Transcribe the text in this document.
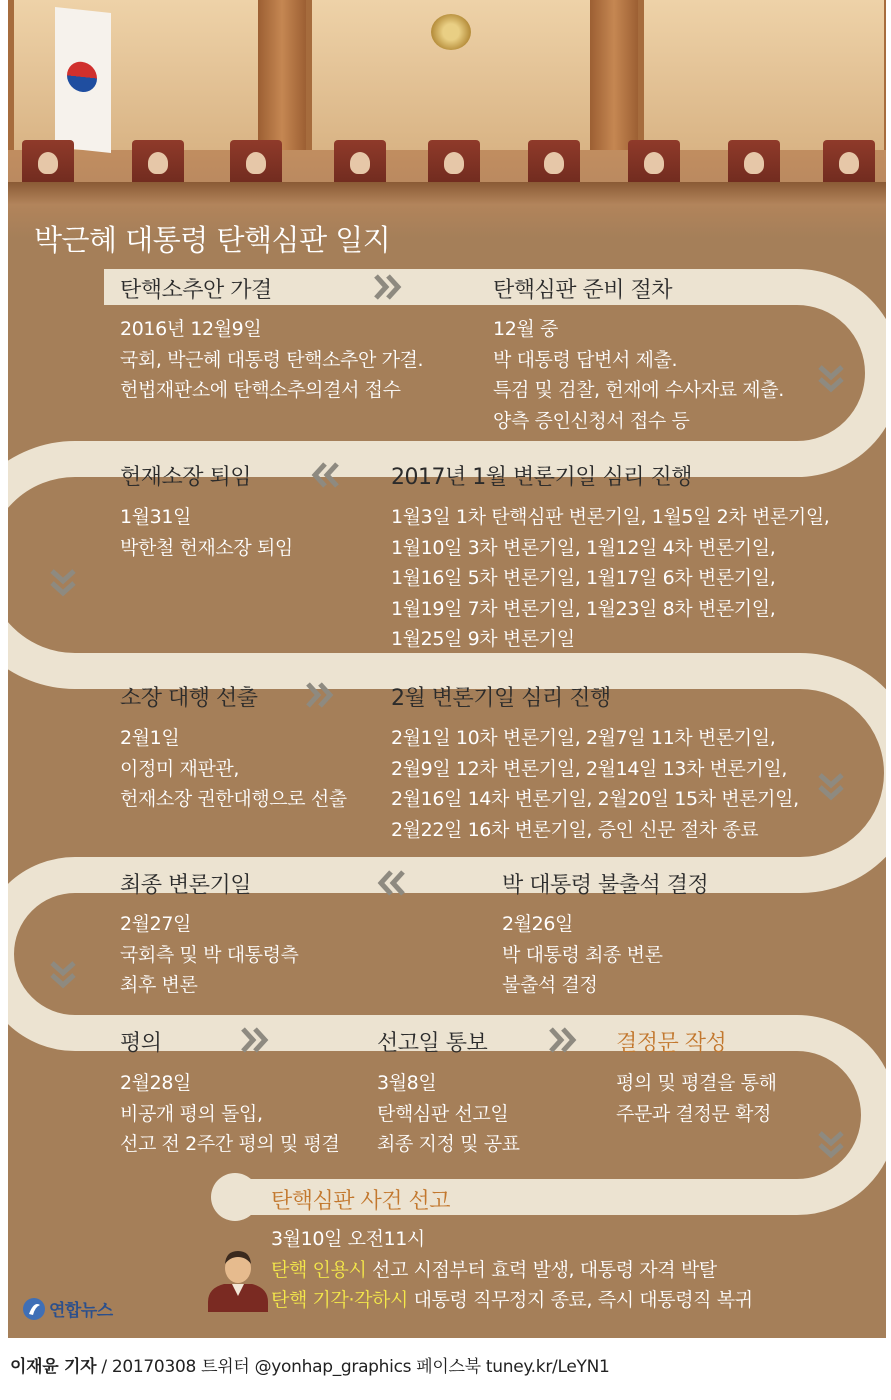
박근혜 대통령 탄핵심판 일지
탄핵소추안 가결
2016년 12월9일
국회, 박근혜 대통령 탄핵소추안 가결.
헌법재판소에 탄핵소추의결서 접수
탄핵심판 준비 절차
12월 중
박 대통령 답변서 제출.
특검 및 검찰, 헌재에 수사자료 제출.
양측 증인신청서 접수 등
헌재소장 퇴임
1월31일
박한철 헌재소장 퇴임
2017년 1월 변론기일 심리 진행
1월3일 1차 탄핵심판 변론기일, 1월5일 2차 변론기일,
1월10일 3차 변론기일, 1월12일 4차 변론기일,
1월16일 5차 변론기일, 1월17일 6차 변론기일,
1월19일 7차 변론기일, 1월23일 8차 변론기일,
1월25일 9차 변론기일
소장 대행 선출
2월1일
이정미 재판관,
헌재소장 권한대행으로 선출
2월 변론기일 심리 진행
2월1일 10차 변론기일, 2월7일 11차 변론기일,
2월9일 12차 변론기일, 2월14일 13차 변론기일,
2월16일 14차 변론기일, 2월20일 15차 변론기일,
2월22일 16차 변론기일, 증인 신문 절차 종료
최종 변론기일
2월27일
국회측 및 박 대통령측
최후 변론
박 대통령 불출석 결정
2월26일
박 대통령 최종 변론
불출석 결정
평의
2월28일
비공개 평의 돌입,
선고 전 2주간 평의 및 평결
선고일 통보
3월8일
탄핵심판 선고일
최종 지정 및 공표
결정문 작성
평의 및 평결을 통해
주문과 결정문 확정
탄핵심판 사건 선고
3월10일 오전11시
탄핵 인용시 선고 시점부터 효력 발생, 대통령 자격 박탈
탄핵 기각·각하시 대통령 직무정지 종료, 즉시 대통령직 복귀
연합뉴스
이재윤 기자 / 20170308 트위터 @yonhap_graphics 페이스북 tuney.kr/LeYN1
